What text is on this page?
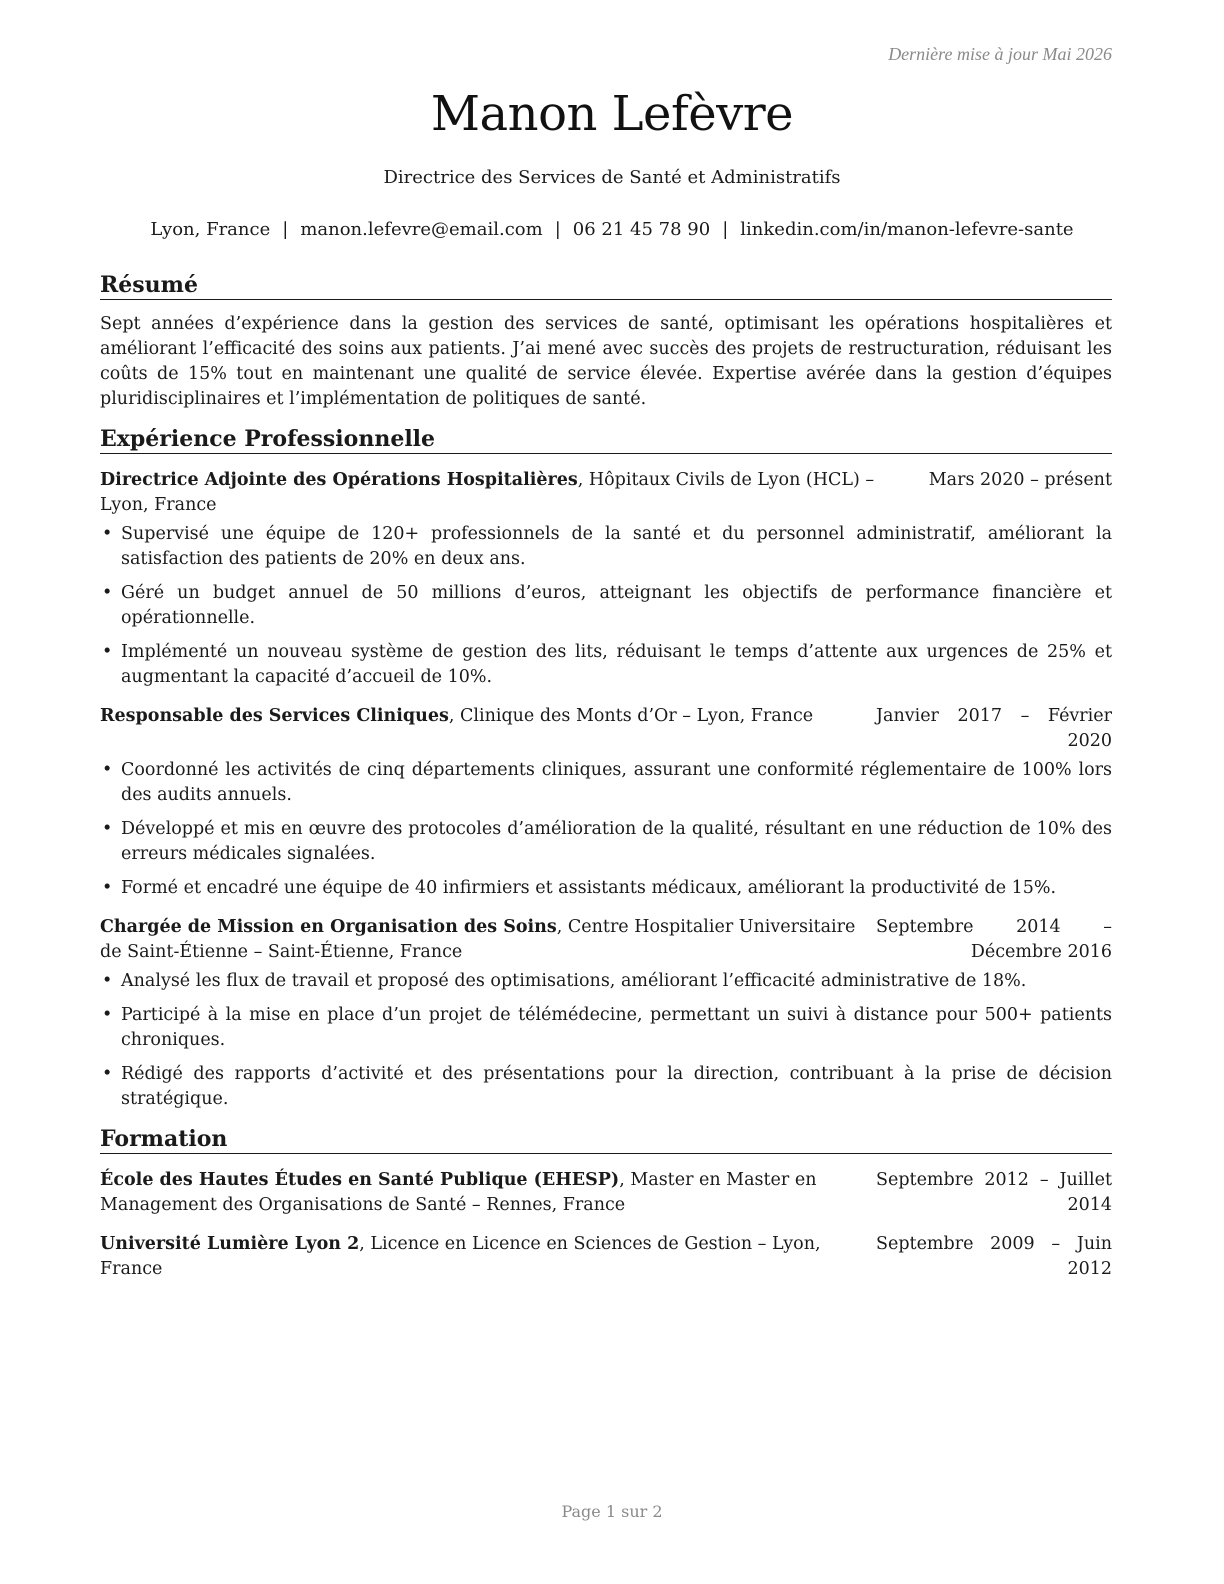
Dernière mise à jour Mai 2026
Manon Lefèvre
Directrice des Services de Santé et Administratifs
Lyon, France | manon.lefevre@email.com | 06 21 45 78 90 | linkedin.com/in/manon-lefevre-sante
Résumé

Sept années d’expérience dans la gestion des services de santé, optimisant les opérations hospitalières et améliorant l’efficacité des soins aux patients. J’ai mené avec succès des projets de restructuration, réduisant les coûts de 15% tout en maintenant une qualité de service élevée. Expertise avérée dans la gestion d’équipes pluridisciplinaires et l’implémentation de politiques de santé.

Expérience Professionnelle
Directrice Adjointe des Opérations Hospitalières, Hôpitaux Civils de Lyon (HCL) – Lyon, France
Mars 2020 – présent
• Supervisé une équipe de 120+ professionnels de la santé et du personnel administratif, améliorant la satisfaction des patients de 20% en deux ans.
• Géré un budget annuel de 50 millions d’euros, atteignant les objectifs de performance financière et opérationnelle.
• Implémenté un nouveau système de gestion des lits, réduisant le temps d’attente aux urgences de 25% et augmentant la capacité d’accueil de 10%.
Responsable des Services Cliniques, Clinique des Monts d’Or – Lyon, France	Janvier 2017 – Février 2020
• Coordonné les activités de cinq départements cliniques, assurant une conformité réglementaire de 100% lors des audits annuels.
• Développé et mis en œuvre des protocoles d’amélioration de la qualité, résultant en une réduction de 10% des erreurs médicales signalées.
• Formé et encadré une équipe de 40 infirmiers et assistants médicaux, améliorant la productivité de 15%.
Chargée de Mission en Organisation des Soins, Centre Hospitalier Universitaire de Saint-Étienne – Saint-Étienne, France
Septembre 2014 – Décembre 2016
• Analysé les flux de travail et proposé des optimisations, améliorant l’efficacité administrative de 18%.
• Participé à la mise en place d’un projet de télémédecine, permettant un suivi à distance pour 500+ patients chroniques.
• Rédigé des rapports d’activité et des présentations pour la direction, contribuant à la prise de décision stratégique.
Formation
École des Hautes Études en Santé Publique (EHESP), Master en Master en Management des Organisations de Santé – Rennes, France
Septembre 2012 – Juillet 2014
Université Lumière Lyon 2, Licence en Licence en Sciences de Gestion – Lyon, France
Septembre 2009 – Juin 2012
Page 1 sur 2
